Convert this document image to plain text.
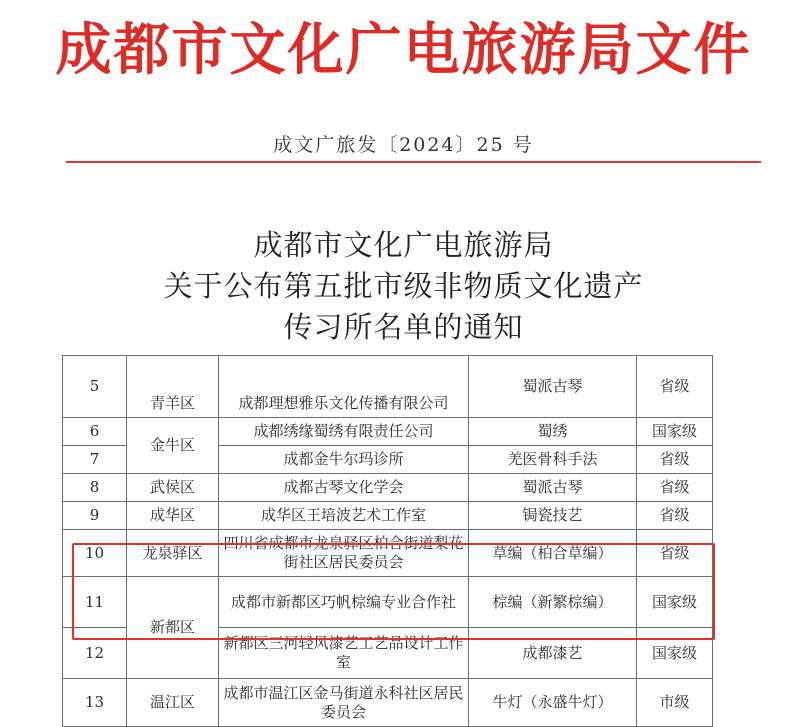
成都市文化广电旅游局文件
成文广旅发〔2024〕25 号
成都市文化广电旅游局
关于公布第五批市级非物质文化遗产
传习所名单的通知
5	青羊区	成都理想雅乐文化传播有限公司	蜀派古琴	省级
6	金牛区	成都绣缘蜀绣有限责任公司	蜀绣	国家级
7		成都金牛尔玛诊所	羌医骨科手法	省级
8	武侯区	成都古琴文化学会	蜀派古琴	省级
9	成华区	成华区王培波艺术工作室	锔瓷技艺	省级
10	龙泉驿区	四川省成都市龙泉驿区柏合街道梨花街社区居民委员会	草编（柏合草编）	省级
11	新都区	成都市新都区巧帆棕编专业合作社	棕编（新繁棕编）	国家级
12		新都区三河轻风漆艺工艺品设计工作室	成都漆艺	国家级
13	温江区	成都市温江区金马街道永科社区居民委员会	牛灯（永盛牛灯）	市级
